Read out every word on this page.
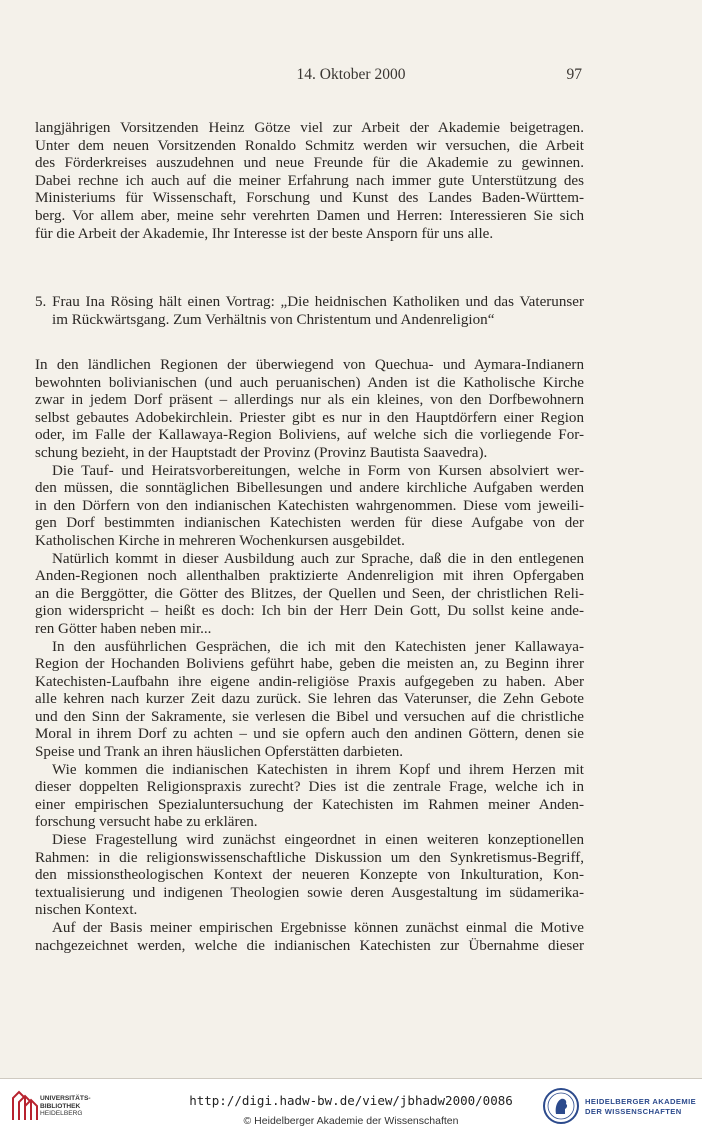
14. Oktober 2000	97
langjährigen Vorsitzenden Heinz Götze viel zur Arbeit der Akademie beigetragen.
Unter dem neuen Vorsitzenden Ronaldo Schmitz werden wir versuchen, die Arbeit
des Förderkreises auszudehnen und neue Freunde für die Akademie zu gewinnen.
Dabei rechne ich auch auf die meiner Erfahrung nach immer gute Unterstützung des
Ministeriums für Wissenschaft, Forschung und Kunst des Landes Baden-Württem-
berg. Vor allem aber, meine sehr verehrten Damen und Herren: Interessieren Sie sich
für die Arbeit der Akademie, Ihr Interesse ist der beste Ansporn für uns alle.
5. Frau Ina Rösing hält einen Vortrag: „Die heidnischen Katholiken und das Vaterunser
im Rückwärtsgang. Zum Verhältnis von Christentum und Andenreligion“
In den ländlichen Regionen der überwiegend von Quechua- und Aymara-Indianern
bewohnten bolivianischen (und auch peruanischen) Anden ist die Katholische Kirche
zwar in jedem Dorf präsent – allerdings nur als ein kleines, von den Dorfbewohnern
selbst gebautes Adobekirchlein. Priester gibt es nur in den Hauptdörfern einer Region
oder, im Falle der Kallawaya-Region Boliviens, auf welche sich die vorliegende For-
schung bezieht, in der Hauptstadt der Provinz (Provinz Bautista Saavedra).
Die Tauf- und Heiratsvorbereitungen, welche in Form von Kursen absolviert wer-
den müssen, die sonntäglichen Bibellesungen und andere kirchliche Aufgaben werden
in den Dörfern von den indianischen Katechisten wahrgenommen. Diese vom jeweili-
gen Dorf bestimmten indianischen Katechisten werden für diese Aufgabe von der
Katholischen Kirche in mehreren Wochenkursen ausgebildet.
Natürlich kommt in dieser Ausbildung auch zur Sprache, daß die in den entlegenen
Anden-Regionen noch allenthalben praktizierte Andenreligion mit ihren Opfergaben
an die Berggötter, die Götter des Blitzes, der Quellen und Seen, der christlichen Reli-
gion widerspricht – heißt es doch: Ich bin der Herr Dein Gott, Du sollst keine ande-
ren Götter haben neben mir...
In den ausführlichen Gesprächen, die ich mit den Katechisten jener Kallawaya-
Region der Hochanden Boliviens geführt habe, geben die meisten an, zu Beginn ihrer
Katechisten-Laufbahn ihre eigene andin-religiöse Praxis aufgegeben zu haben. Aber
alle kehren nach kurzer Zeit dazu zurück. Sie lehren das Vaterunser, die Zehn Gebote
und den Sinn der Sakramente, sie verlesen die Bibel und versuchen auf die christliche
Moral in ihrem Dorf zu achten – und sie opfern auch den andinen Göttern, denen sie
Speise und Trank an ihren häuslichen Opferstätten darbieten.
Wie kommen die indianischen Katechisten in ihrem Kopf und ihrem Herzen mit
dieser doppelten Religionspraxis zurecht? Dies ist die zentrale Frage, welche ich in
einer empirischen Spezialuntersuchung der Katechisten im Rahmen meiner Anden-
forschung versucht habe zu erklären.
Diese Fragestellung wird zunächst eingeordnet in einen weiteren konzeptionellen
Rahmen: in die religionswissenschaftliche Diskussion um den Synkretismus-Begriff,
den missionstheologischen Kontext der neueren Konzepte von Inkulturation, Kon-
textualisierung und indigenen Theologien sowie deren Ausgestaltung im südamerika-
nischen Kontext.
Auf der Basis meiner empirischen Ergebnisse können zunächst einmal die Motive
nachgezeichnet werden, welche die indianischen Katechisten zur Übernahme dieser
UNIVERSITÄTS-
BIBLIOTHEK
HEIDELBERG
http://digi.hadw-bw.de/view/jbhadw2000/0086
© Heidelberger Akademie der Wissenschaften
HEIDELBERGER AKADEMIE
DER WISSENSCHAFTEN
